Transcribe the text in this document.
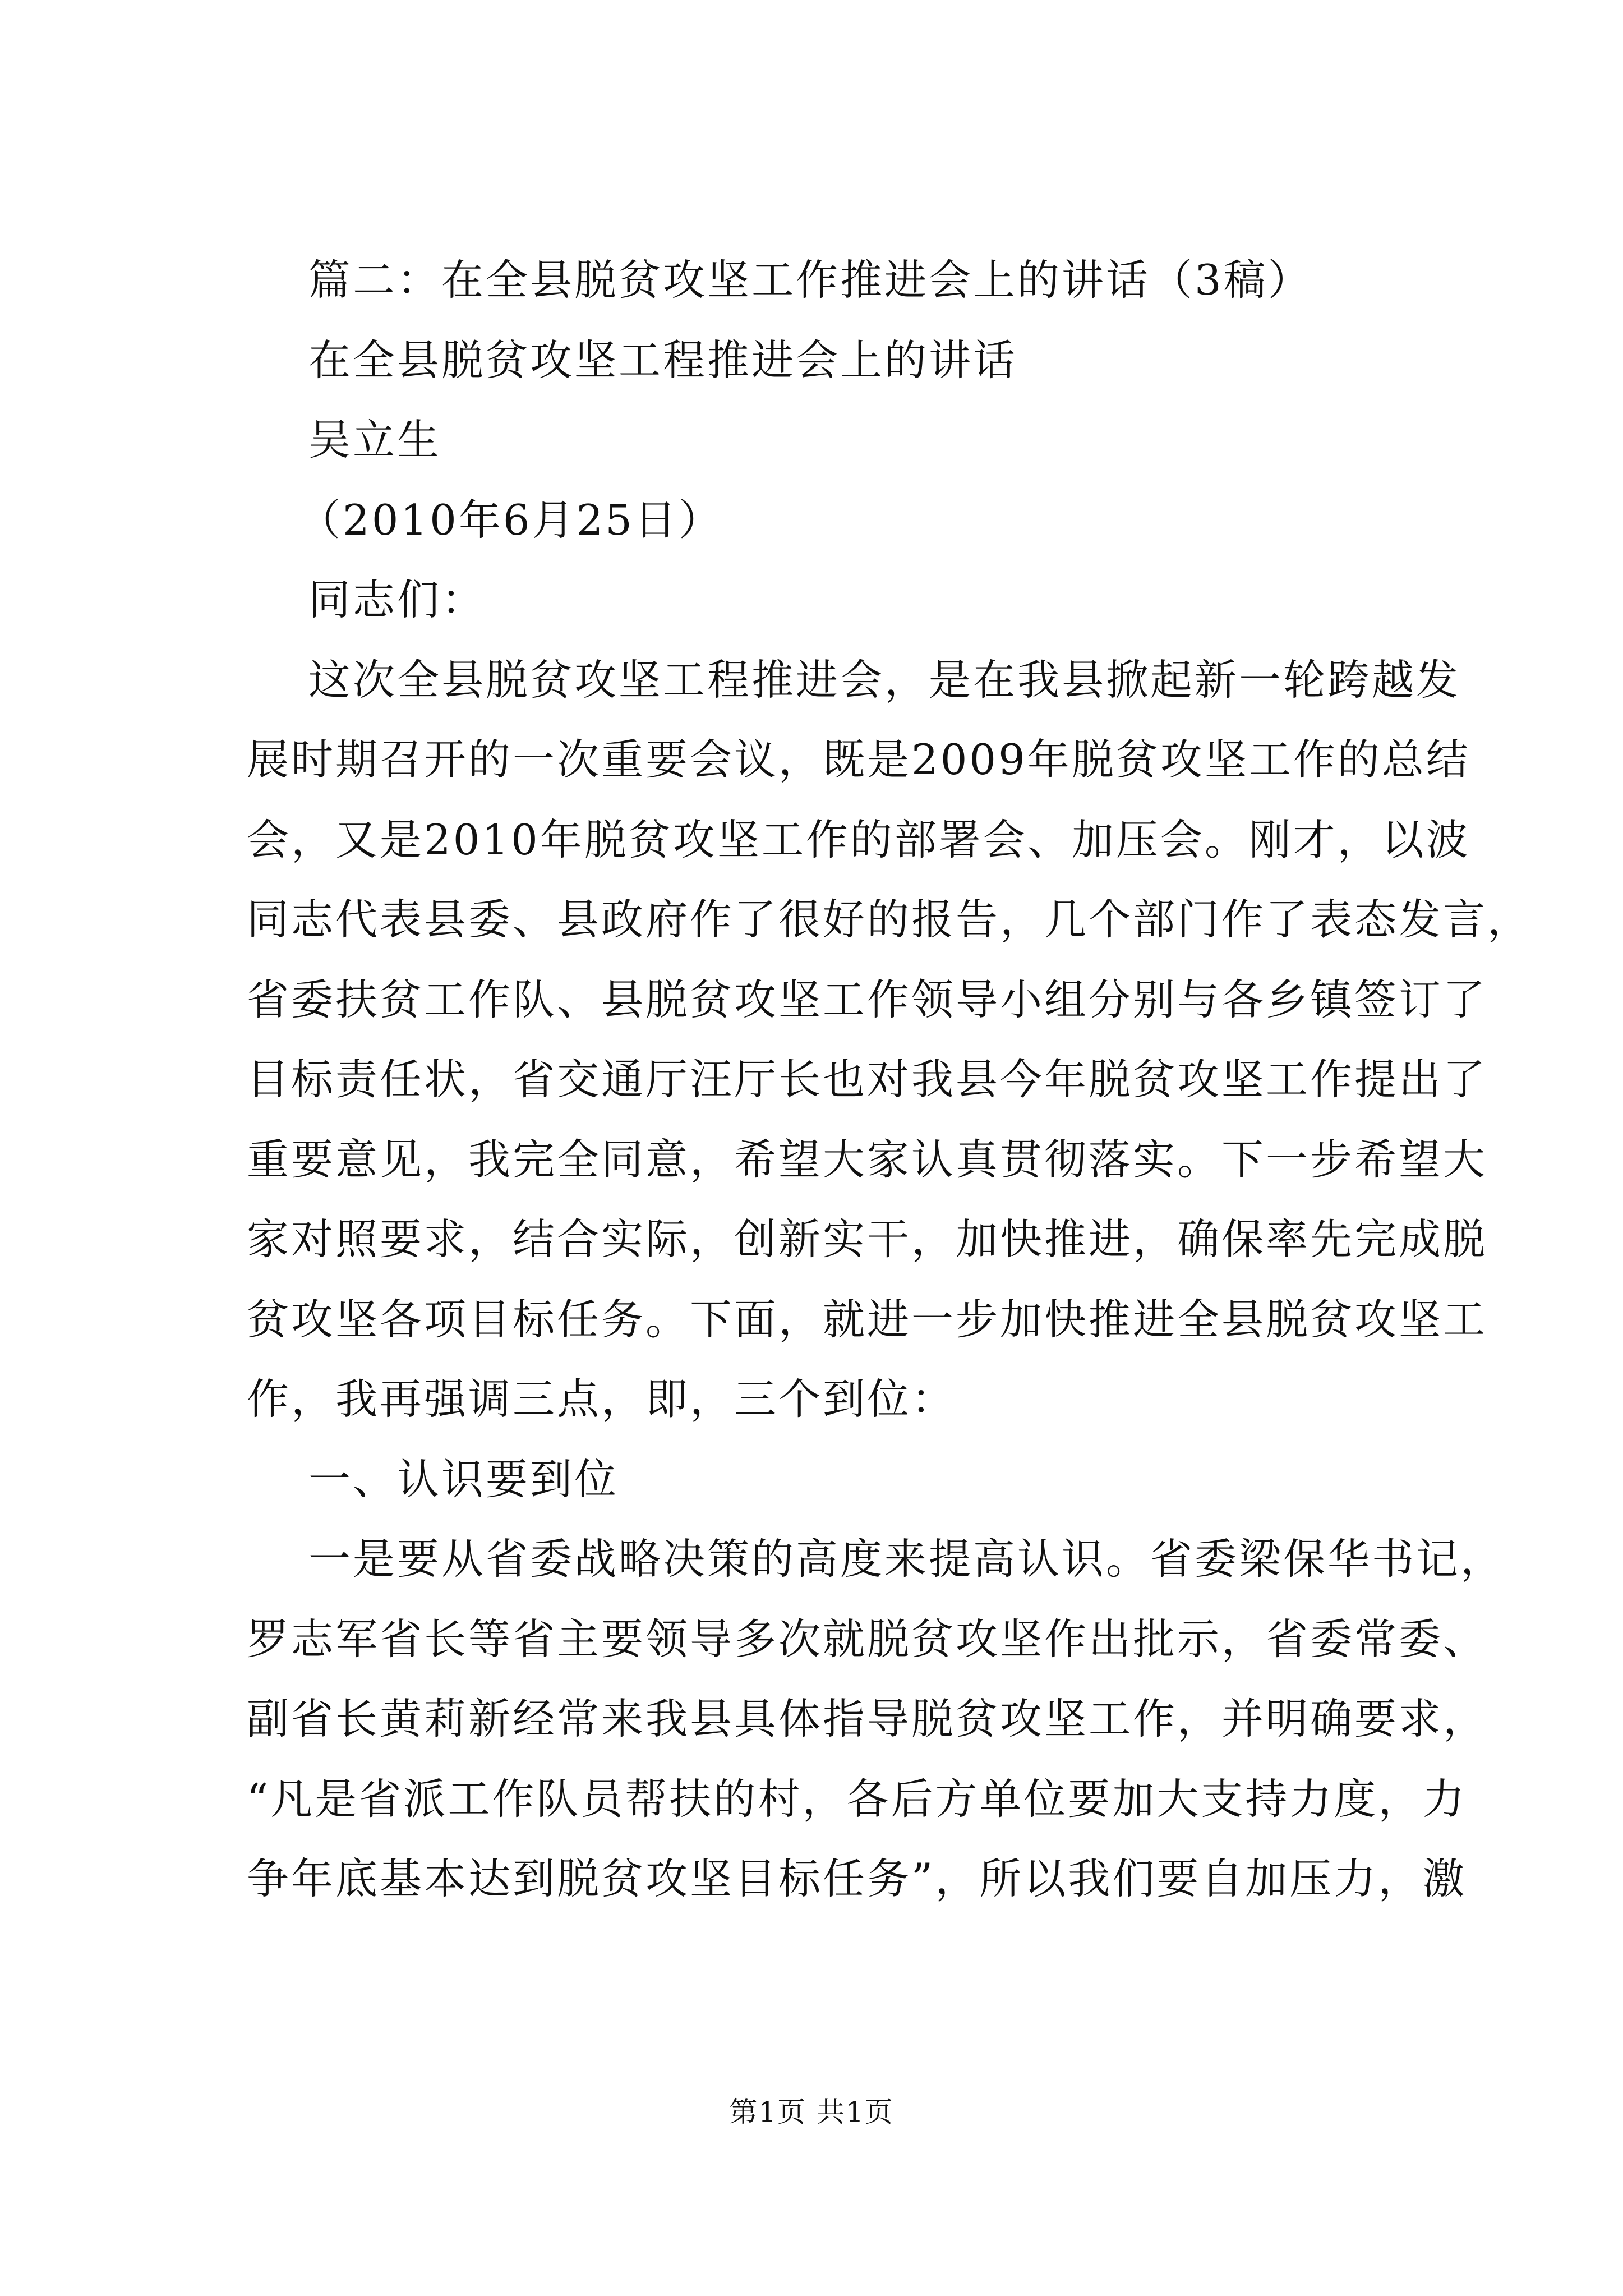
篇二：在全县脱贫攻坚工作推进会上的讲话（3稿）
在全县脱贫攻坚工程推进会上的讲话
吴立生
（2010年6月25日）
同志们：
这次全县脱贫攻坚工程推进会，是在我县掀起新一轮跨越发
展时期召开的一次重要会议，既是2009年脱贫攻坚工作的总结
会，又是2010年脱贫攻坚工作的部署会、加压会。刚才，以波
同志代表县委、县政府作了很好的报告，几个部门作了表态发言，
省委扶贫工作队、县脱贫攻坚工作领导小组分别与各乡镇签订了
目标责任状，省交通厅汪厅长也对我县今年脱贫攻坚工作提出了
重要意见，我完全同意，希望大家认真贯彻落实。下一步希望大
家对照要求，结合实际，创新实干，加快推进，确保率先完成脱
贫攻坚各项目标任务。下面，就进一步加快推进全县脱贫攻坚工
作，我再强调三点，即，三个到位：
一、认识要到位
一是要从省委战略决策的高度来提高认识。省委梁保华书记，
罗志军省长等省主要领导多次就脱贫攻坚作出批示，省委常委、
副省长黄莉新经常来我县具体指导脱贫攻坚工作，并明确要求，
“凡是省派工作队员帮扶的村，各后方单位要加大支持力度，力
争年底基本达到脱贫攻坚目标任务”，所以我们要自加压力，激
第1页 共1页
